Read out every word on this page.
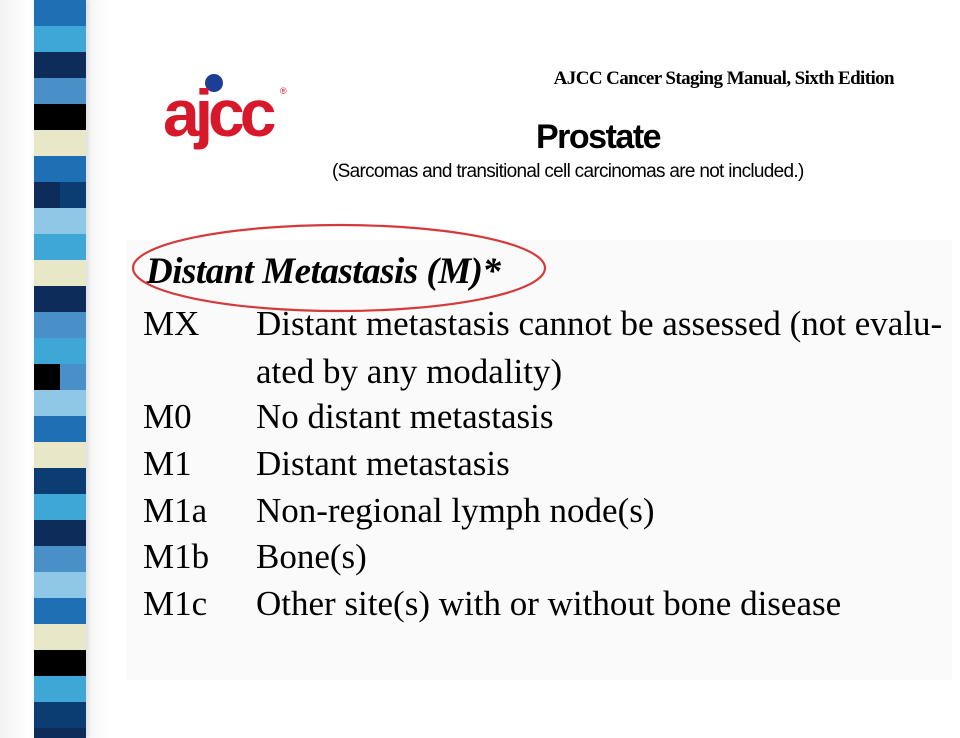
AJCC Cancer Staging Manual, Sixth Edition
ajcc ®
Prostate
(Sarcomas and transitional cell carcinomas are not included.)
Distant Metastasis (M)*
MX Distant metastasis cannot be assessed (not evalu-
ated by any modality)
M0 No distant metastasis
M1 Distant metastasis
M1a Non-regional lymph node(s)
M1b Bone(s)
M1c Other site(s) with or without bone disease
